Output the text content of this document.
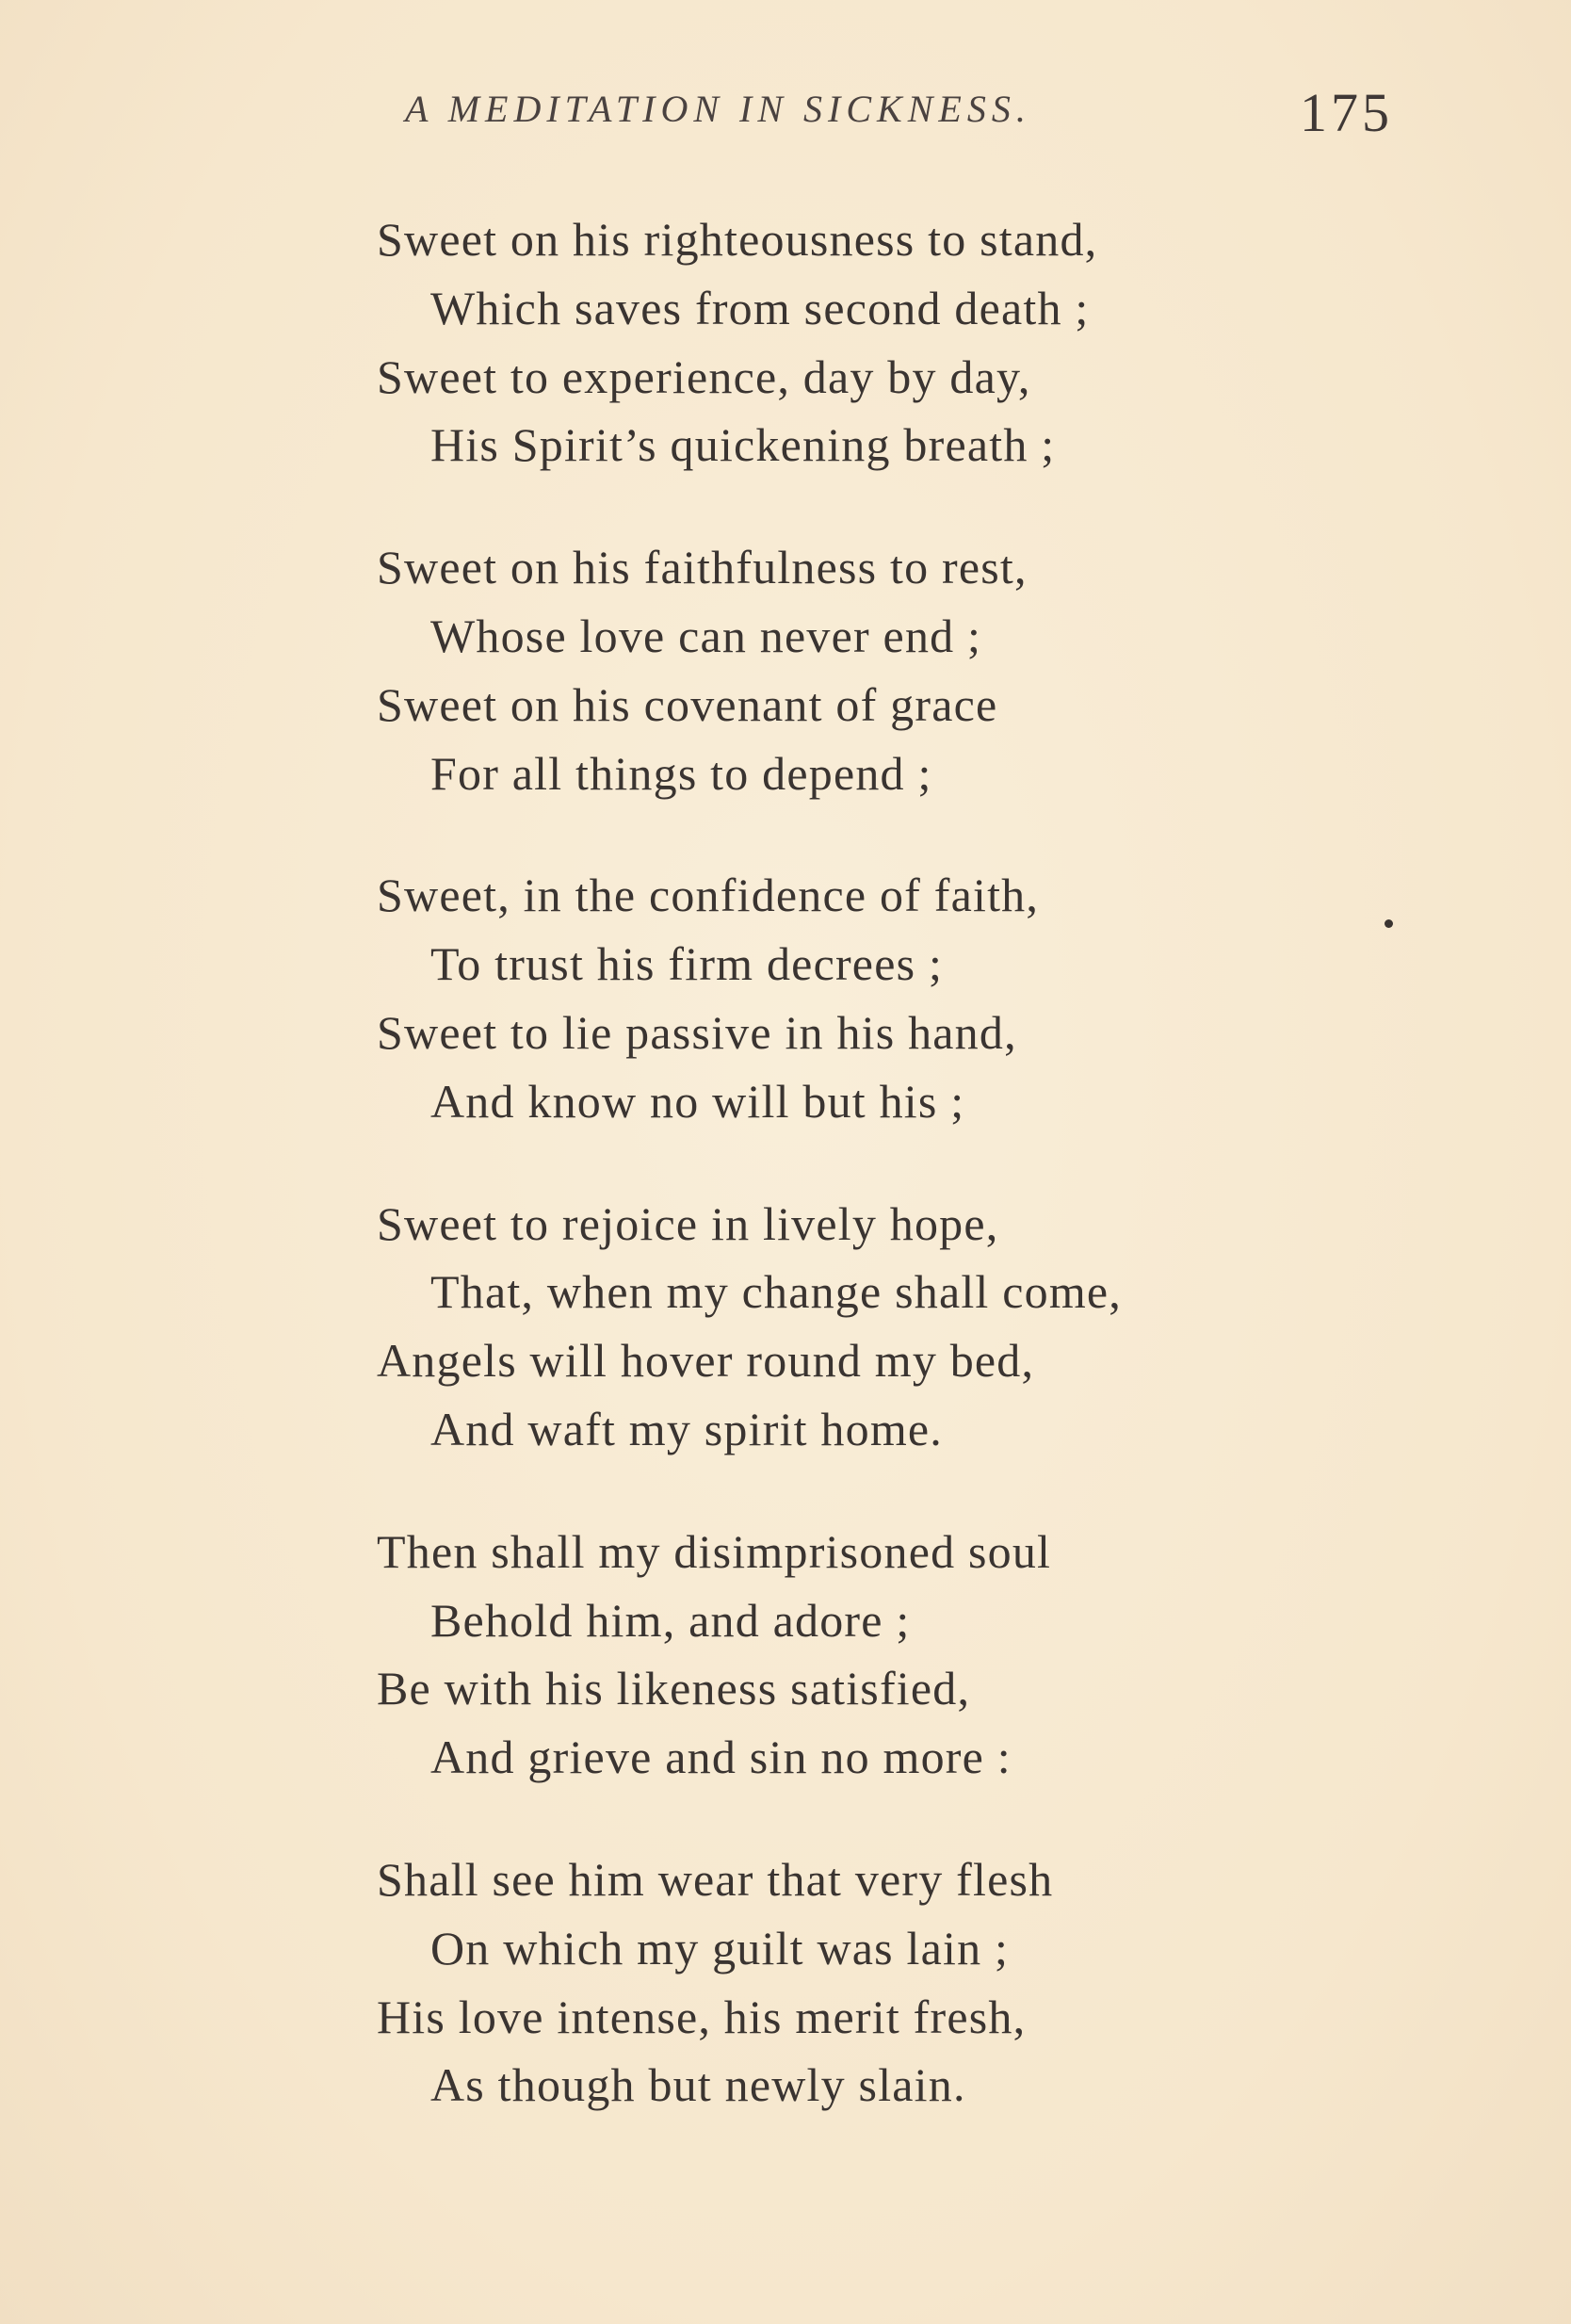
A MEDITATION IN SICKNESS.	175
Sweet on his righteousness to stand,
Which saves from second death ;
Sweet to experience, day by day,
His Spirit’s quickening breath ;
Sweet on his faithfulness to rest,
Whose love can never end ;
Sweet on his covenant of grace
For all things to depend ;
Sweet, in the confidence of faith,
To trust his firm decrees ;
Sweet to lie passive in his hand,
And know no will but his ;
Sweet to rejoice in lively hope,
That, when my change shall come,
Angels will hover round my bed,
And waft my spirit home.
Then shall my disimprisoned soul
Behold him, and adore ;
Be with his likeness satisfied,
And grieve and sin no more :
Shall see him wear that very flesh
On which my guilt was lain ;
His love intense, his merit fresh,
As though but newly slain.
